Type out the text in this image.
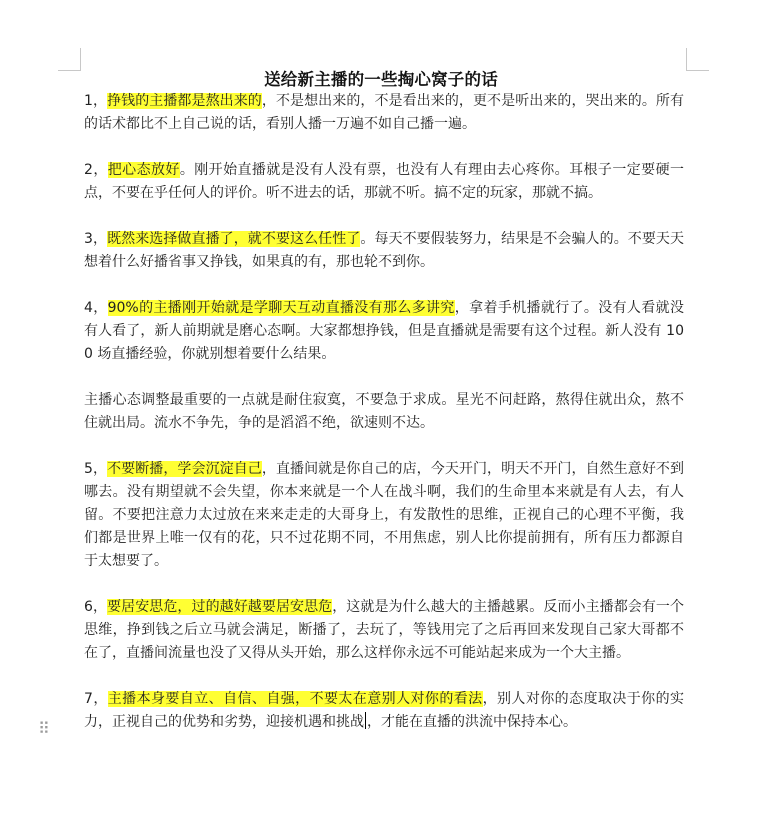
送给新主播的一些掏心窝子的话

1，挣钱的主播都是熬出来的，不是想出来的，不是看出来的，更不是听出来的，哭出来的。所有的话术都比不上自己说的话，看别人播一万遍不如自己播一遍。

2，把心态放好。刚开始直播就是没有人没有票，也没有人有理由去心疼你。耳根子一定要硬一点，不要在乎任何人的评价。听不进去的话，那就不听。搞不定的玩家，那就不搞。

3，既然来选择做直播了，就不要这么任性了。每天不要假装努力，结果是不会骗人的。不要天天想着什么好播省事又挣钱，如果真的有，那也轮不到你。

4，90%的主播刚开始就是学聊天互动直播没有那么多讲究，拿着手机播就行了。没有人看就没有人看了，新人前期就是磨心态啊。大家都想挣钱，但是直播就是需要有这个过程。新人没有 100 场直播经验，你就别想着要什么结果。

主播心态调整最重要的一点就是耐住寂寞，不要急于求成。星光不问赶路，熬得住就出众，熬不住就出局。流水不争先，争的是滔滔不绝，欲速则不达。

5，不要断播，学会沉淀自己，直播间就是你自己的店，今天开门，明天不开门，自然生意好不到哪去。没有期望就不会失望，你本来就是一个人在战斗啊，我们的生命里本来就是有人去，有人留。不要把注意力太过放在来来走走的大哥身上，有发散性的思维，正视自己的心理不平衡，我们都是世界上唯一仅有的花，只不过花期不同，不用焦虑，别人比你提前拥有，所有压力都源自于太想要了。

6，要居安思危，过的越好越要居安思危，这就是为什么越大的主播越累。反而小主播都会有一个思维，挣到钱之后立马就会满足，断播了，去玩了，等钱用完了之后再回来发现自己家大哥都不在了，直播间流量也没了又得从头开始，那么这样你永远不可能站起来成为一个大主播。

7，主播本身要自立、自信、自强，不要太在意别人对你的看法，别人对你的态度取决于你的实力，正视自己的优势和劣势，迎接机遇和挑战 ，才能在直播的洪流中保持本心。

⠿
